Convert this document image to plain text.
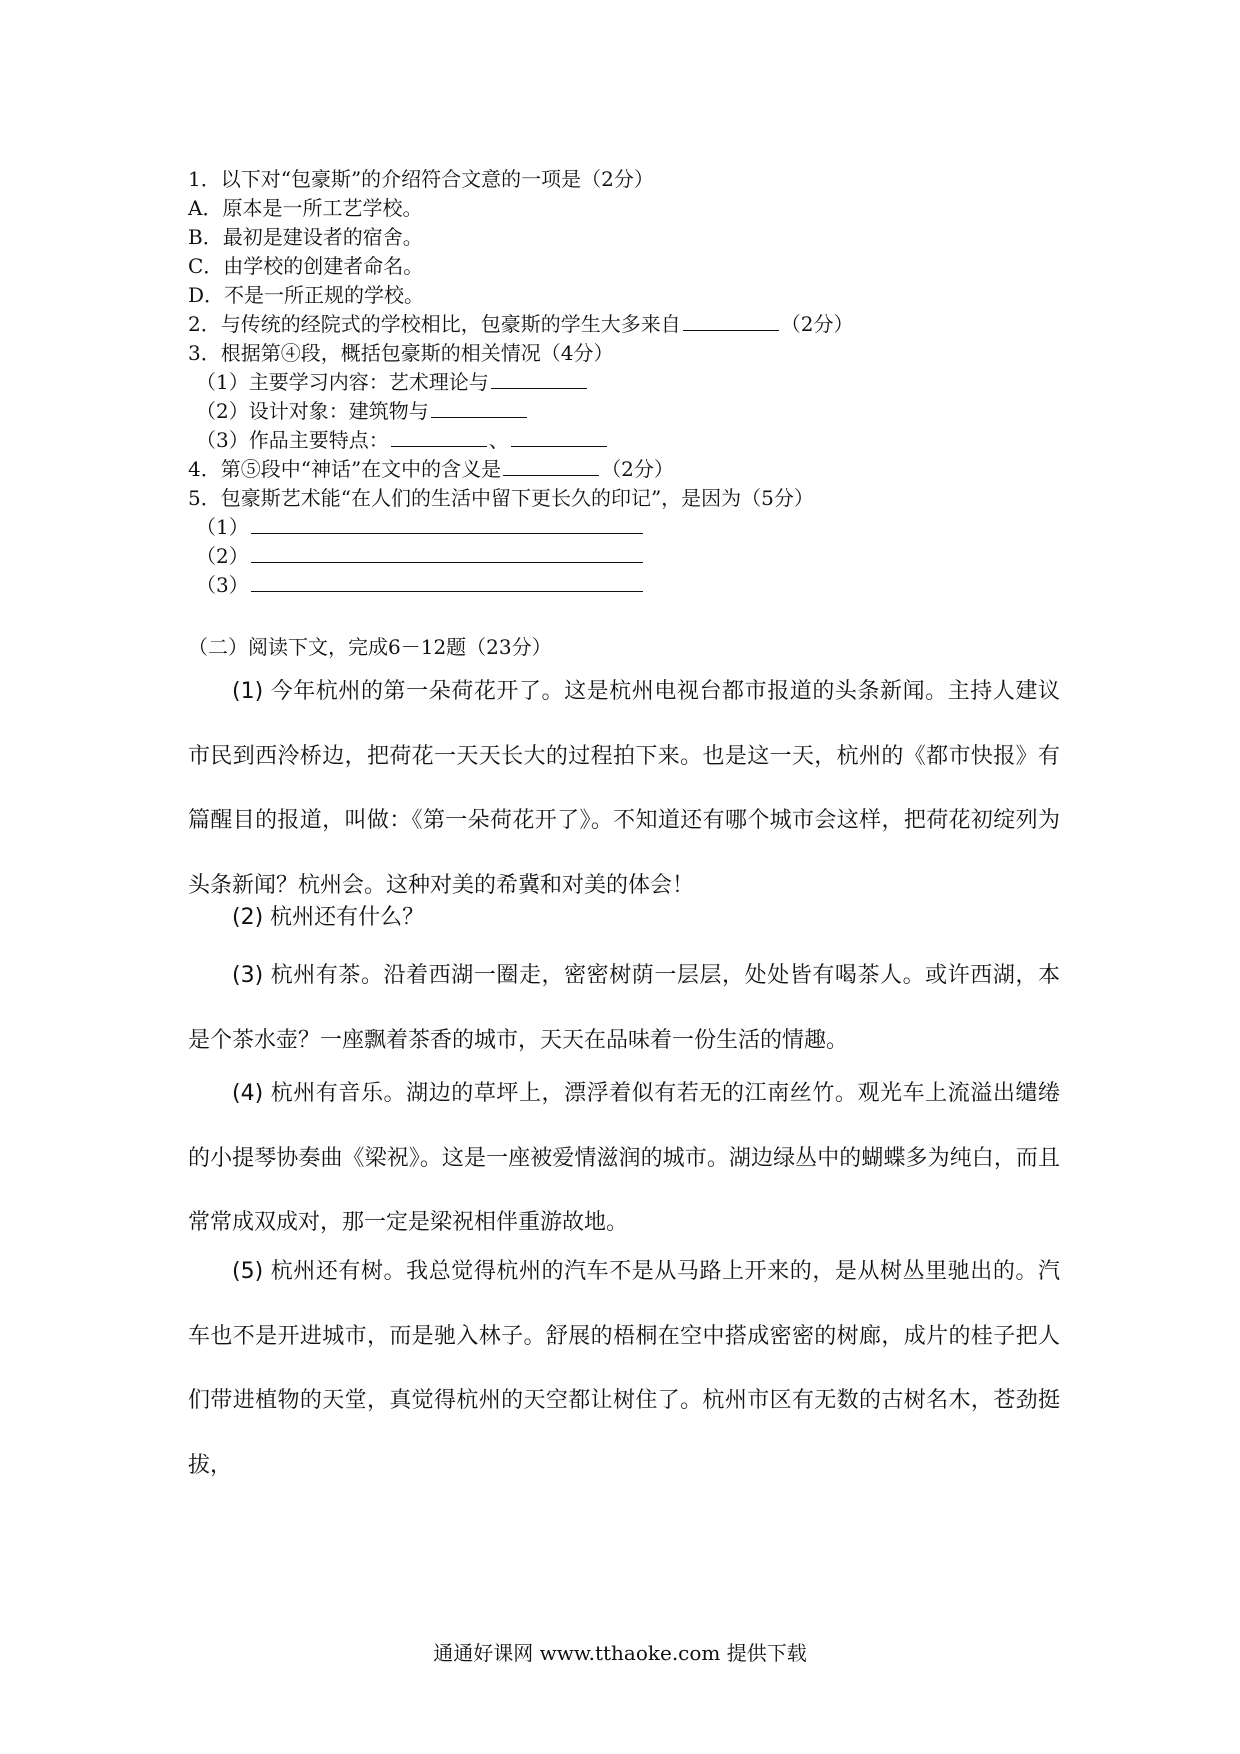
1．以下对“包豪斯”的介绍符合文意的一项是（2分）
A．原本是一所工艺学校。
B．最初是建设者的宿舍。
C．由学校的创建者命名。
D．不是一所正规的学校。
2．与传统的经院式的学校相比，包豪斯的学生大多来自	（2分）
3．根据第④段，概括包豪斯的相关情况（4分）
（1）主要学习内容：艺术理论与
（2）设计对象：建筑物与
（3）作品主要特点：	、
4．第⑤段中“神话”在文中的含义是	（2分）
5．包豪斯艺术能“在人们的生活中留下更长久的印记”，是因为（5分）
（1）
（2）
（3）
（二）阅读下文，完成6－12题（23分）
(1) 今年杭州的第一朵荷花开了。这是杭州电视台都市报道的头条新闻。主持人建议市民到西泠桥边，把荷花一天天长大的过程拍下来。也是这一天，杭州的《都市快报》有篇醒目的报道，叫做：《第一朵荷花开了》。不知道还有哪个城市会这样，把荷花初绽列为头条新闻？杭州会。这种对美的希冀和对美的体会！
(2) 杭州还有什么？
(3) 杭州有茶。沿着西湖一圈走，密密树荫一层层，处处皆有喝茶人。或许西湖，本是个茶水壶？一座飘着茶香的城市，天天在品味着一份生活的情趣。
(4) 杭州有音乐。湖边的草坪上，漂浮着似有若无的江南丝竹。观光车上流溢出缱绻的小提琴协奏曲《梁祝》。这是一座被爱情滋润的城市。湖边绿丛中的蝴蝶多为纯白，而且常常成双成对，那一定是梁祝相伴重游故地。
(5) 杭州还有树。我总觉得杭州的汽车不是从马路上开来的，是从树丛里驰出的。汽车也不是开进城市，而是驰入林子。舒展的梧桐在空中搭成密密的树廊，成片的桂子把人们带进植物的天堂，真觉得杭州的天空都让树住了。杭州市区有无数的古树名木，苍劲挺拔，
通通好课网 www.tthaoke.com 提供下载
